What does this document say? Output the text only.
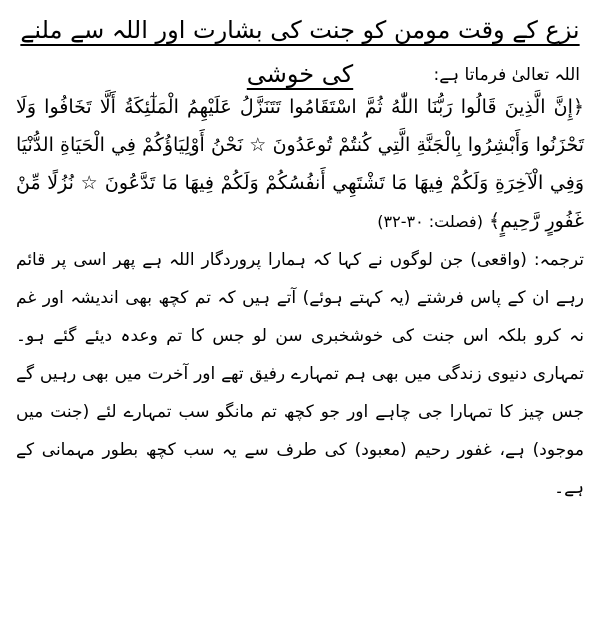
نزع کے وقت مومن کو جنت کی بشارت اور اللہ سے ملنے کی خوشی	اللہ تعالیٰ فرماتا ہے:

﴿إِنَّ الَّذِينَ قَالُوا رَبُّنَا اللّٰهُ ثُمَّ اسْتَقَامُوا تَتَنَزَّلُ عَلَيْهِمُ الْمَلٰٓئِكَةُ أَلَّا تَخَافُوا وَلَا تَحْزَنُوا وَأَبْشِرُوا بِالْجَنَّةِ الَّتِي كُنتُمْ تُوعَدُونَ ☆ نَحْنُ أَوْلِيَاؤُكُمْ فِي الْحَيَاةِ الدُّنْيَا وَفِي الْآخِرَةِ وَلَكُمْ فِيهَا مَا تَشْتَهِي أَنفُسُكُمْ وَلَكُمْ فِيهَا مَا تَدَّعُونَ ☆ نُزُلًا مِّنْ غَفُورٍ رَّحِيمٍ﴾ (فصلت: ۳۰-۳۲)

ترجمہ: (واقعی) جن لوگوں نے کہا کہ ہمارا پروردگار اللہ ہے پھر اسی پر قائم رہے ان کے پاس فرشتے (یہ کہتے ہوئے) آتے ہیں کہ تم کچھ بھی اندیشہ اور غم نہ کرو بلکہ اس جنت کی خوشخبری سن لو جس کا تم وعدہ دیئے گئے ہو۔ تمہاری دنیوی زندگی میں بھی ہم تمہارے رفیق تھے اور آخرت میں بھی رہیں گے جس چیز کا تمہارا جی چاہے اور جو کچھ تم مانگو سب تمہارے لئے (جنت میں موجود) ہے، غفور رحیم (معبود) کی طرف سے یہ سب کچھ بطور مہمانی کے ہے۔
